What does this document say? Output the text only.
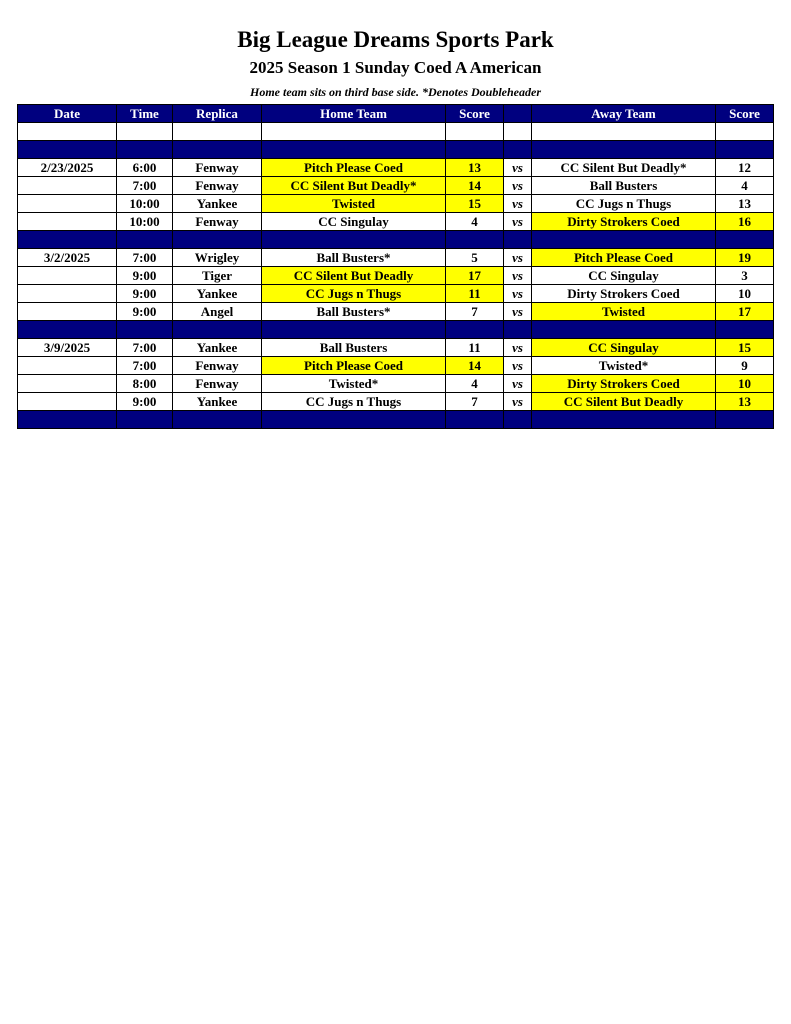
Big League Dreams Sports Park
2025 Season 1 Sunday Coed A American
Home team sits on third base side. *Denotes Doubleheader
Date	Time	Replica	Home Team	Score		Away Team	Score

2/23/2025	6:00	Fenway	Pitch Please Coed	13	vs	CC Silent But Deadly*	12
	7:00	Fenway	CC Silent But Deadly*	14	vs	Ball Busters	4
	10:00	Yankee	Twisted	15	vs	CC Jugs n Thugs	13
	10:00	Fenway	CC Singulay	4	vs	Dirty Strokers Coed	16

3/2/2025	7:00	Wrigley	Ball Busters*	5	vs	Pitch Please Coed	19
	9:00	Tiger	CC Silent But Deadly	17	vs	CC Singulay	3
	9:00	Yankee	CC Jugs n Thugs	11	vs	Dirty Strokers Coed	10
	9:00	Angel	Ball Busters*	7	vs	Twisted	17

3/9/2025	7:00	Yankee	Ball Busters	11	vs	CC Singulay	15
	7:00	Fenway	Pitch Please Coed	14	vs	Twisted*	9
	8:00	Fenway	Twisted*	4	vs	Dirty Strokers Coed	10
	9:00	Yankee	CC Jugs n Thugs	7	vs	CC Silent But Deadly	13
